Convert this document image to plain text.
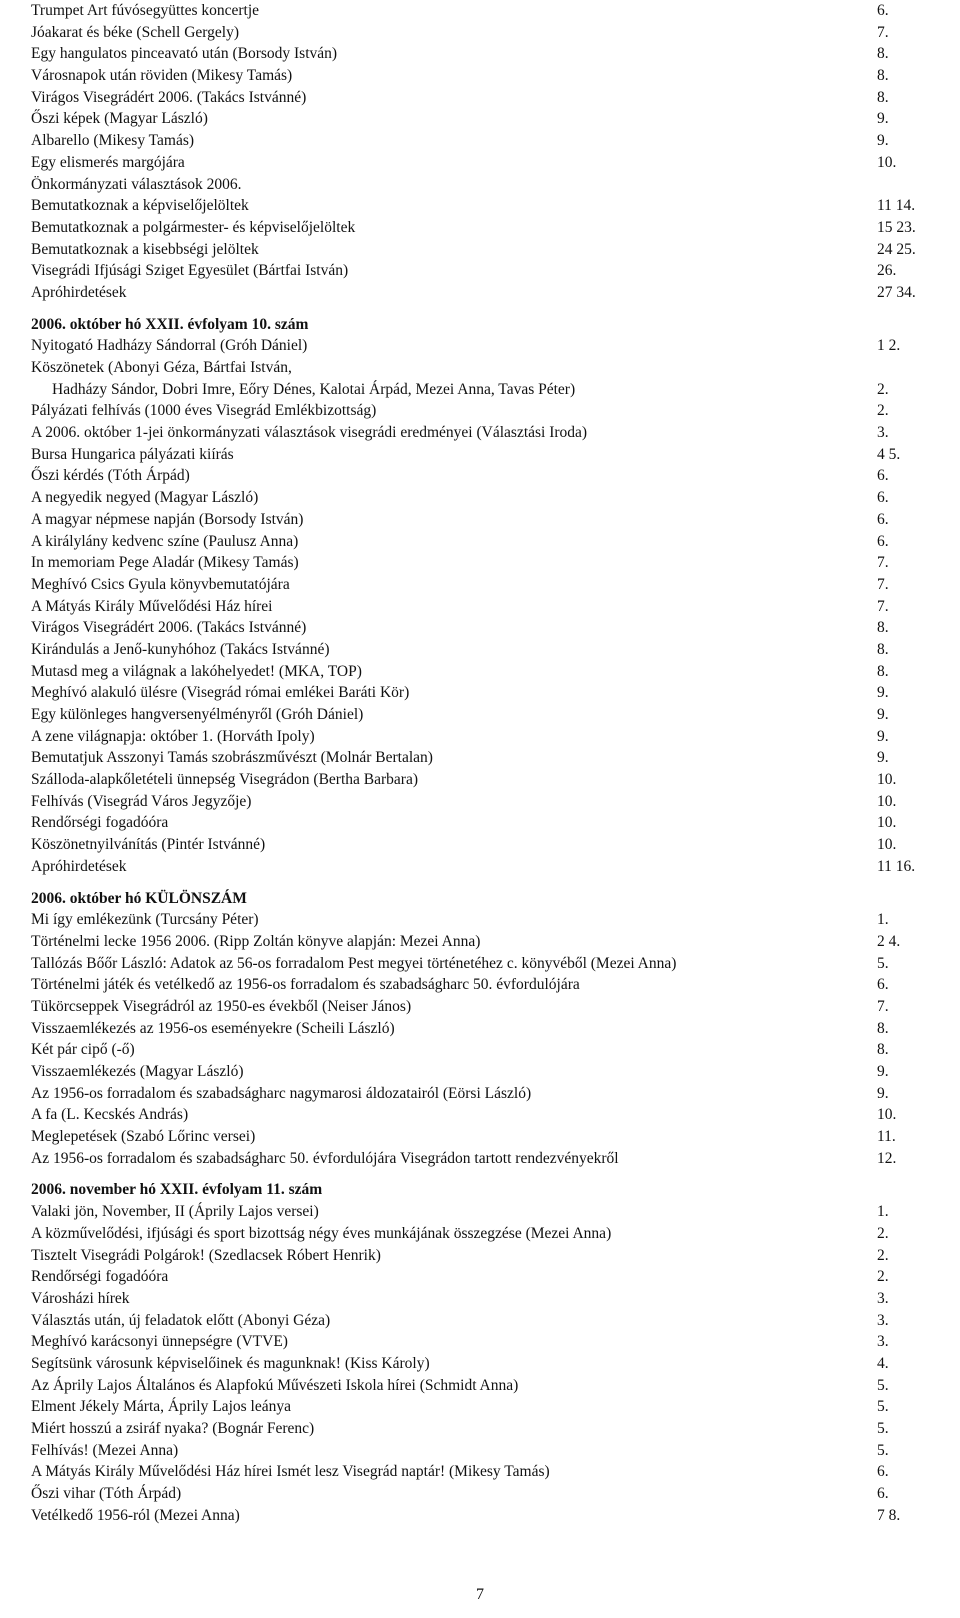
Trumpet Art fúvósegyüttes koncertje	6.
Jóakarat és béke (Schell Gergely)	7.
Egy hangulatos pinceavató után (Borsody István)	8.
Városnapok után röviden (Mikesy Tamás)	8.
Virágos Visegrádért 2006. (Takács Istvánné)	8.
Őszi képek (Magyar László)	9.
Albarello (Mikesy Tamás)	9.
Egy elismerés margójára	10.
Önkormányzati választások 2006.
Bemutatkoznak a képviselőjelöltek	11 14.
Bemutatkoznak a polgármester- és képviselőjelöltek	15 23.
Bemutatkoznak a kisebbségi jelöltek	24 25.
Visegrádi Ifjúsági Sziget Egyesület (Bártfai István)	26.
Apróhirdetések	27 34.
2006. október hó XXII. évfolyam 10. szám
Nyitogató Hadházy Sándorral (Gróh Dániel)	1 2.
Köszönetek (Abonyi Géza, Bártfai István,
Hadházy Sándor, Dobri Imre, Eőry Dénes, Kalotai Árpád, Mezei Anna, Tavas Péter)	2.
Pályázati felhívás (1000 éves Visegrád Emlékbizottság)	2.
A 2006. október 1-jei önkormányzati választások visegrádi eredményei (Választási Iroda)	3.
Bursa Hungarica pályázati kiírás	4 5.
Őszi kérdés (Tóth Árpád)	6.
A negyedik negyed (Magyar László)	6.
A magyar népmese napján (Borsody István)	6.
A királylány kedvenc színe (Paulusz Anna)	6.
In memoriam Pege Aladár (Mikesy Tamás)	7.
Meghívó Csics Gyula könyvbemutatójára	7.
A Mátyás Király Művelődési Ház hírei	7.
Virágos Visegrádért 2006. (Takács Istvánné)	8.
Kirándulás a Jenő-kunyhóhoz (Takács Istvánné)	8.
Mutasd meg a világnak a lakóhelyedet! (MKA, TOP)	8.
Meghívó alakuló ülésre (Visegrád római emlékei Baráti Kör)	9.
Egy különleges hangversenyélményről (Gróh Dániel)	9.
A zene világnapja: október 1. (Horváth Ipoly)	9.
Bemutatjuk Asszonyi Tamás szobrászművészt (Molnár Bertalan)	9.
Szálloda-alapkőletételi ünnepség Visegrádon (Bertha Barbara)	10.
Felhívás (Visegrád Város Jegyzője)	10.
Rendőrségi fogadóóra	10.
Köszönetnyilvánítás (Pintér Istvánné)	10.
Apróhirdetések	11 16.
2006. október hó KÜLÖNSZÁM
Mi így emlékezünk (Turcsány Péter)	1.
Történelmi lecke 1956 2006. (Ripp Zoltán könyve alapján: Mezei Anna)	2 4.
Tallózás Bőőr László: Adatok az 56-os forradalom Pest megyei történetéhez c. könyvéből (Mezei Anna)	5.
Történelmi játék és vetélkedő az 1956-os forradalom és szabadságharc 50. évfordulójára	6.
Tükörcseppek Visegrádról az 1950-es évekből (Neiser János)	7.
Visszaemlékezés az 1956-os eseményekre (Scheili László)	8.
Két pár cipő (-ő)	8.
Visszaemlékezés (Magyar László)	9.
Az 1956-os forradalom és szabadságharc nagymarosi áldozatairól (Eörsi László)	9.
A fa (L. Kecskés András)	10.
Meglepetések (Szabó Lőrinc versei)	11.
Az 1956-os forradalom és szabadságharc 50. évfordulójára Visegrádon tartott rendezvényekről	12.
2006. november hó XXII. évfolyam 11. szám
Valaki jön, November, II (Áprily Lajos versei)	1.
A közművelődési, ifjúsági és sport bizottság négy éves munkájának összegzése (Mezei Anna)	2.
Tisztelt Visegrádi Polgárok! (Szedlacsek Róbert Henrik)	2.
Rendőrségi fogadóóra	2.
Városházi hírek	3.
Választás után, új feladatok előtt (Abonyi Géza)	3.
Meghívó karácsonyi ünnepségre (VTVE)	3.
Segítsünk városunk képviselőinek és magunknak! (Kiss Károly)	4.
Az Áprily Lajos Általános és Alapfokú Művészeti Iskola hírei (Schmidt Anna)	5.
Elment Jékely Márta, Áprily Lajos leánya	5.
Miért hosszú a zsiráf nyaka? (Bognár Ferenc)	5.
Felhívás! (Mezei Anna)	5.
A Mátyás Király Művelődési Ház hírei Ismét lesz Visegrád naptár! (Mikesy Tamás)	6.
Őszi vihar (Tóth Árpád)	6.
Vetélkedő 1956-ról (Mezei Anna)	7 8.
7
